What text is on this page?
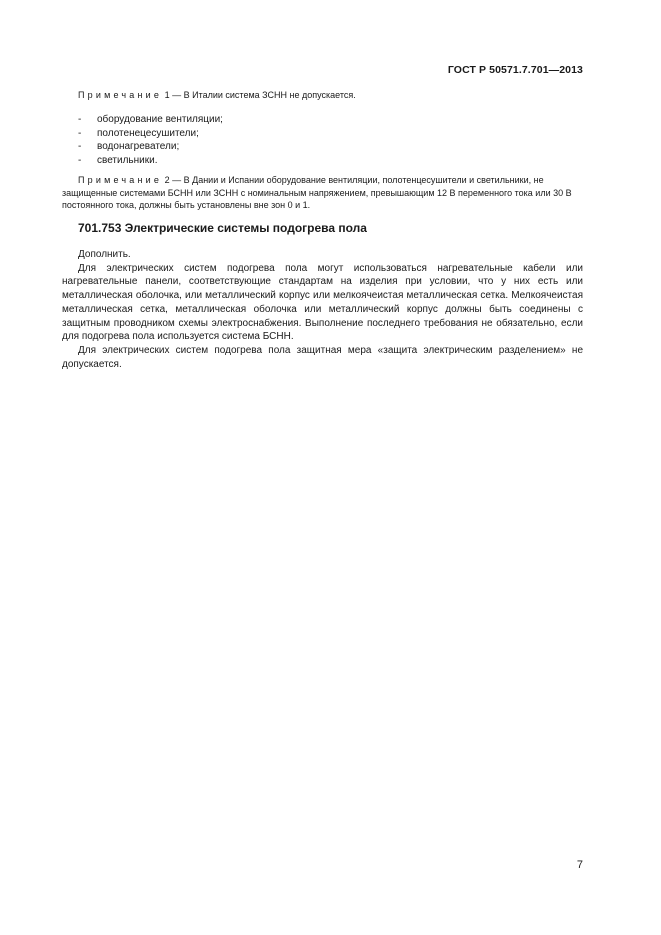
ГОСТ Р 50571.7.701—2013
Примечание 1 — В Италии система ЗСНН не допускается.
- оборудование вентиляции;
- полотенецесушители;
- водонагреватели;
- светильники.
Примечание 2 — В Дании и Испании оборудование вентиляции, полотенцесушители и светильники, не защищенные системами БСНН или ЗСНН с номинальным напряжением, превышающим 12 В переменного тока или 30 В постоянного тока, должны быть установлены вне зон 0 и 1.
701.753 Электрические системы подогрева пола

Дополнить.

Для электрических систем подогрева пола могут использоваться нагревательные кабели или нагревательные панели, соответствующие стандартам на изделия при условии, что у них есть или металлическая оболочка, или металлический корпус или мелкоячеистая металлическая сетка. Мелкоячеистая металлическая сетка, металлическая оболочка или металлический корпус должны быть соединены с защитным проводником схемы электроснабжения. Выполнение последнего требования не обязательно, если для подогрева пола используется система БСНН.

Для электрических систем подогрева пола защитная мера «защита электрическим разделением» не допускается.

7
